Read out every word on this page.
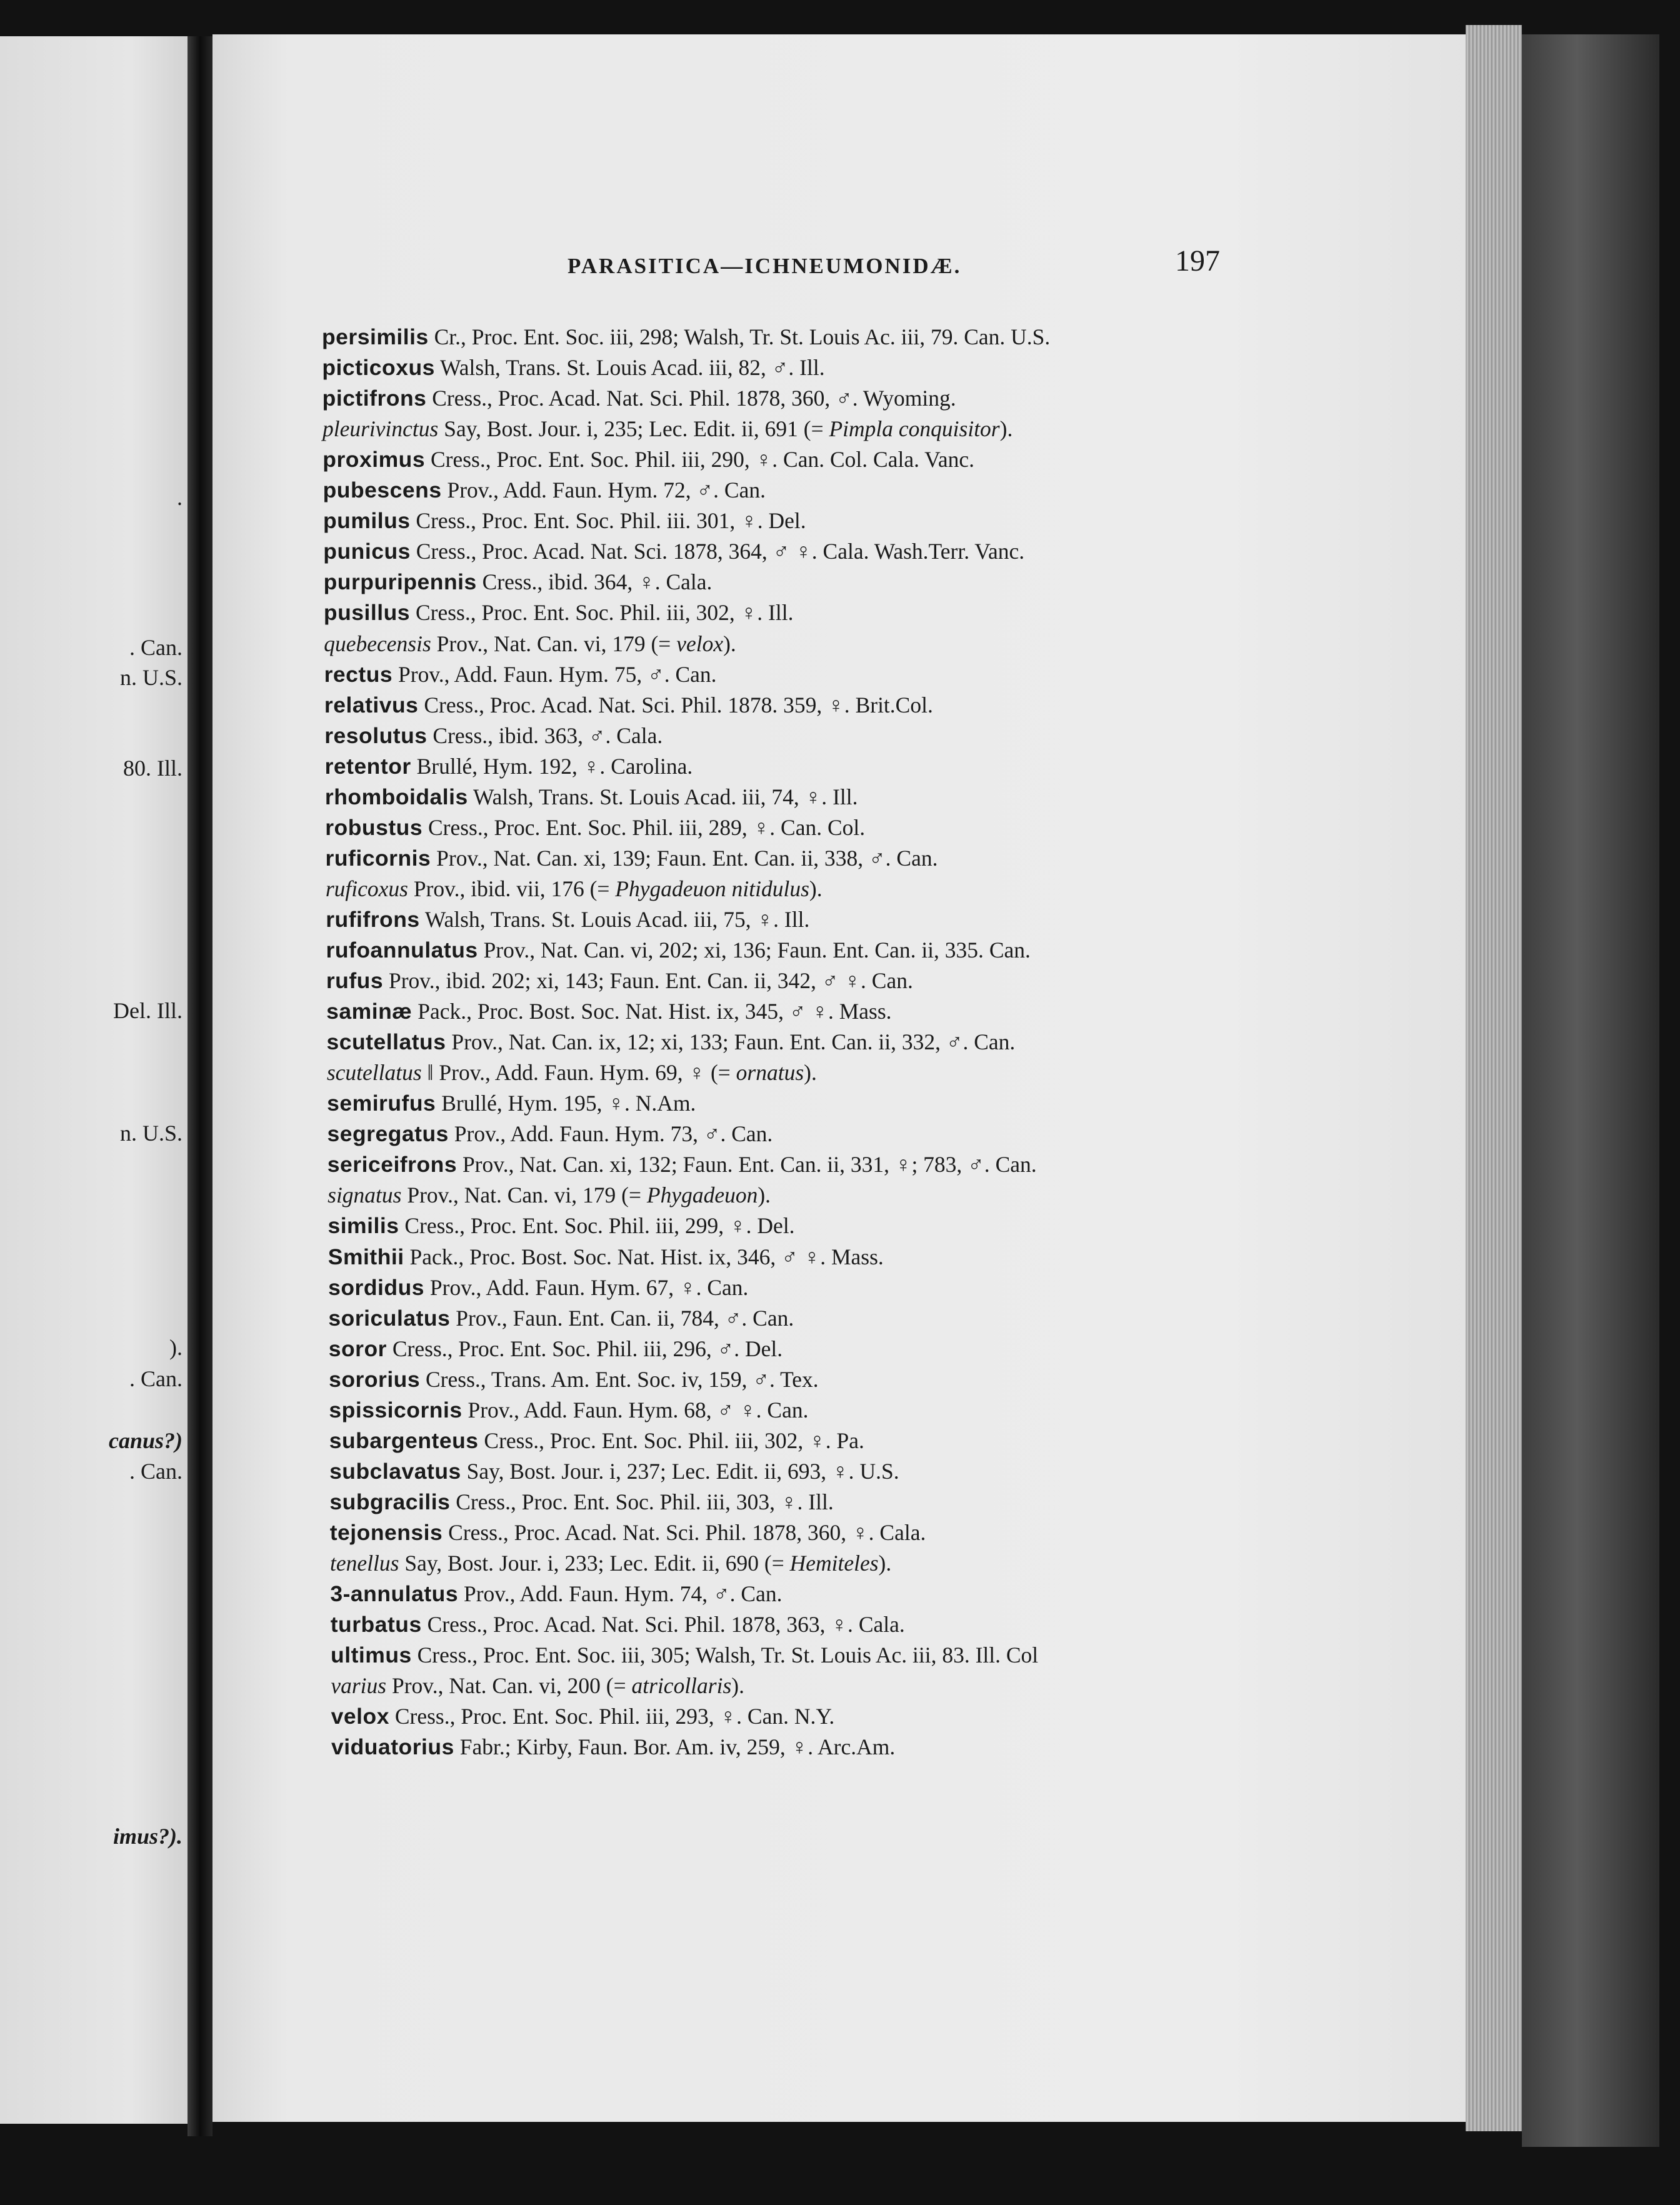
.
. Can.
n. U.S.
80. Ill.
Del. Ill.
n. U.S.
).
. Can.
canus?)
. Can.
imus?).
PARASITICA—ICHNEUMONIDÆ.	197
persimilis Cr., Proc. Ent. Soc. iii, 298; Walsh, Tr. St. Louis Ac. iii, 79. Can. U.S.
picticoxus Walsh, Trans. St. Louis Acad. iii, 82, ♂. Ill.
pictifrons Cress., Proc. Acad. Nat. Sci. Phil. 1878, 360, ♂. Wyoming.
pleurivinctus Say, Bost. Jour. i, 235; Lec. Edit. ii, 691 (= Pimpla conquisitor).
proximus Cress., Proc. Ent. Soc. Phil. iii, 290, ♀. Can. Col. Cala. Vanc.
pubescens Prov., Add. Faun. Hym. 72, ♂. Can.
pumilus Cress., Proc. Ent. Soc. Phil. iii. 301, ♀. Del.
punicus Cress., Proc. Acad. Nat. Sci. 1878, 364, ♂ ♀. Cala. Wash.Terr. Vanc.
purpuripennis Cress., ibid. 364, ♀. Cala.
pusillus Cress., Proc. Ent. Soc. Phil. iii, 302, ♀. Ill.
quebecensis Prov., Nat. Can. vi, 179 (= velox).
rectus Prov., Add. Faun. Hym. 75, ♂. Can.
relativus Cress., Proc. Acad. Nat. Sci. Phil. 1878. 359, ♀. Brit.Col.
resolutus Cress., ibid. 363, ♂. Cala.
retentor Brullé, Hym. 192, ♀. Carolina.
rhomboidalis Walsh, Trans. St. Louis Acad. iii, 74, ♀. Ill.
robustus Cress., Proc. Ent. Soc. Phil. iii, 289, ♀. Can. Col.
ruficornis Prov., Nat. Can. xi, 139; Faun. Ent. Can. ii, 338, ♂. Can.
ruficoxus Prov., ibid. vii, 176 (= Phygadeuon nitidulus).
rufifrons Walsh, Trans. St. Louis Acad. iii, 75, ♀. Ill.
rufoannulatus Prov., Nat. Can. vi, 202; xi, 136; Faun. Ent. Can. ii, 335. Can.
rufus Prov., ibid. 202; xi, 143; Faun. Ent. Can. ii, 342, ♂ ♀. Can.
saminæ Pack., Proc. Bost. Soc. Nat. Hist. ix, 345, ♂ ♀. Mass.
scutellatus Prov., Nat. Can. ix, 12; xi, 133; Faun. Ent. Can. ii, 332, ♂. Can.
scutellatus ‖ Prov., Add. Faun. Hym. 69, ♀ (= ornatus).
semirufus Brullé, Hym. 195, ♀. N.Am.
segregatus Prov., Add. Faun. Hym. 73, ♂. Can.
sericeifrons Prov., Nat. Can. xi, 132; Faun. Ent. Can. ii, 331, ♀; 783, ♂. Can.
signatus Prov., Nat. Can. vi, 179 (= Phygadeuon).
similis Cress., Proc. Ent. Soc. Phil. iii, 299, ♀. Del.
Smithii Pack., Proc. Bost. Soc. Nat. Hist. ix, 346, ♂ ♀. Mass.
sordidus Prov., Add. Faun. Hym. 67, ♀. Can.
soriculatus Prov., Faun. Ent. Can. ii, 784, ♂. Can.
soror Cress., Proc. Ent. Soc. Phil. iii, 296, ♂. Del.
sororius Cress., Trans. Am. Ent. Soc. iv, 159, ♂. Tex.
spissicornis Prov., Add. Faun. Hym. 68, ♂ ♀. Can.
subargenteus Cress., Proc. Ent. Soc. Phil. iii, 302, ♀. Pa.
subclavatus Say, Bost. Jour. i, 237; Lec. Edit. ii, 693, ♀. U.S.
subgracilis Cress., Proc. Ent. Soc. Phil. iii, 303, ♀. Ill.
tejonensis Cress., Proc. Acad. Nat. Sci. Phil. 1878, 360, ♀. Cala.
tenellus Say, Bost. Jour. i, 233; Lec. Edit. ii, 690 (= Hemiteles).
3-annulatus Prov., Add. Faun. Hym. 74, ♂. Can.
turbatus Cress., Proc. Acad. Nat. Sci. Phil. 1878, 363, ♀. Cala.
ultimus Cress., Proc. Ent. Soc. iii, 305; Walsh, Tr. St. Louis Ac. iii, 83. Ill. Col
varius Prov., Nat. Can. vi, 200 (= atricollaris).
velox Cress., Proc. Ent. Soc. Phil. iii, 293, ♀. Can. N.Y.
viduatorius Fabr.; Kirby, Faun. Bor. Am. iv, 259, ♀. Arc.Am.
